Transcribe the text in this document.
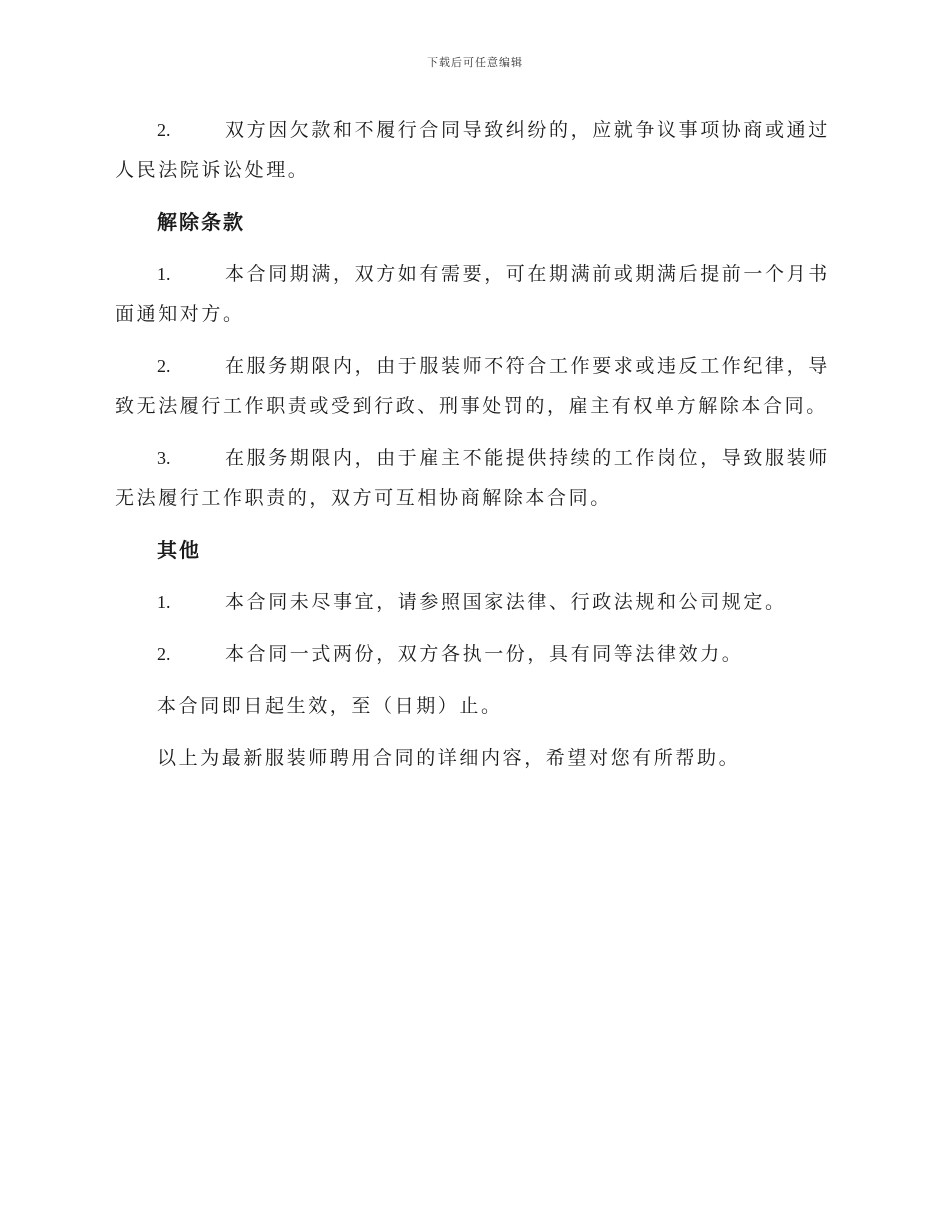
下载后可任意编辑

2.	双方因欠款和不履行合同导致纠纷的，应就争议事项协商或通过人民法院诉讼处理。

解除条款

1.	本合同期满，双方如有需要，可在期满前或期满后提前一个月书面通知对方。

2.	在服务期限内，由于服装师不符合工作要求或违反工作纪律，导致无法履行工作职责或受到行政、刑事处罚的，雇主有权单方解除本合同。

3.	在服务期限内，由于雇主不能提供持续的工作岗位，导致服装师无法履行工作职责的，双方可互相协商解除本合同。

其他

1.	本合同未尽事宜，请参照国家法律、行政法规和公司规定。

2.	本合同一式两份，双方各执一份，具有同等法律效力。

本合同即日起生效，至（日期）止。

以上为最新服装师聘用合同的详细内容，希望对您有所帮助。
